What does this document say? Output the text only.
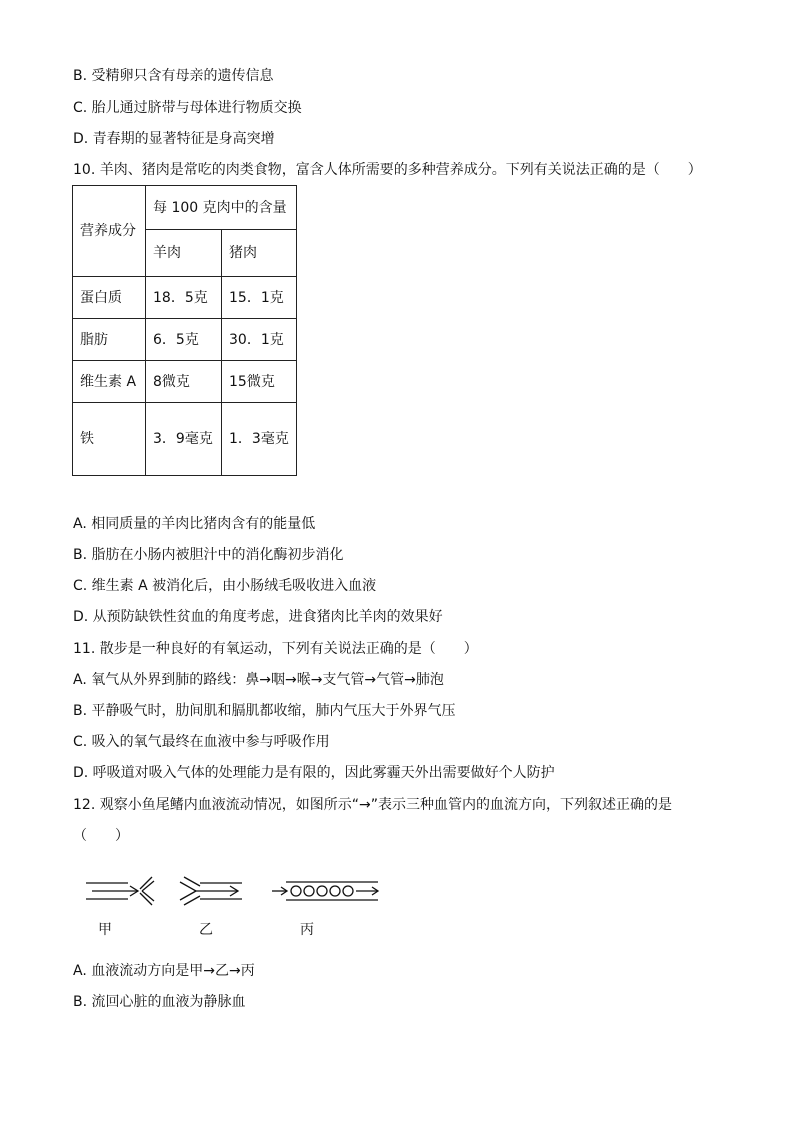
B. 受精卵只含有母亲的遗传信息
C. 胎儿通过脐带与母体进行物质交换
D. 青春期的显著特征是身高突增
10. 羊肉、猪肉是常吃的肉类食物，富含人体所需要的多种营养成分。下列有关说法正确的是（　　）
营养成分	每 100 克肉中的含量	
	羊肉	猪肉
蛋白质	18．5克	15．1克
脂肪	6．5克	30．1克
维生素 A	8微克	15微克
铁	3．9毫克	1．3毫克
A. 相同质量的羊肉比猪肉含有的能量低
B. 脂肪在小肠内被胆汁中的消化酶初步消化
C. 维生素 A 被消化后，由小肠绒毛吸收进入血液
D. 从预防缺铁性贫血的角度考虑，进食猪肉比羊肉的效果好
11. 散步是一种良好的有氧运动，下列有关说法正确的是（　　）
A. 氧气从外界到肺的路线：鼻→咽→喉→支气管→气管→肺泡
B. 平静吸气时，肋间肌和膈肌都收缩，肺内气压大于外界气压
C. 吸入的氧气最终在血液中参与呼吸作用
D. 呼吸道对吸入气体的处理能力是有限的，因此雾霾天外出需要做好个人防护
12. 观察小鱼尾鳍内血液流动情况，如图所示“→”表示三种血管内的血流方向，下列叙述正确的是
（　　）
甲	乙	丙
A. 血液流动方向是甲→乙→丙
B. 流回心脏的血液为静脉血
